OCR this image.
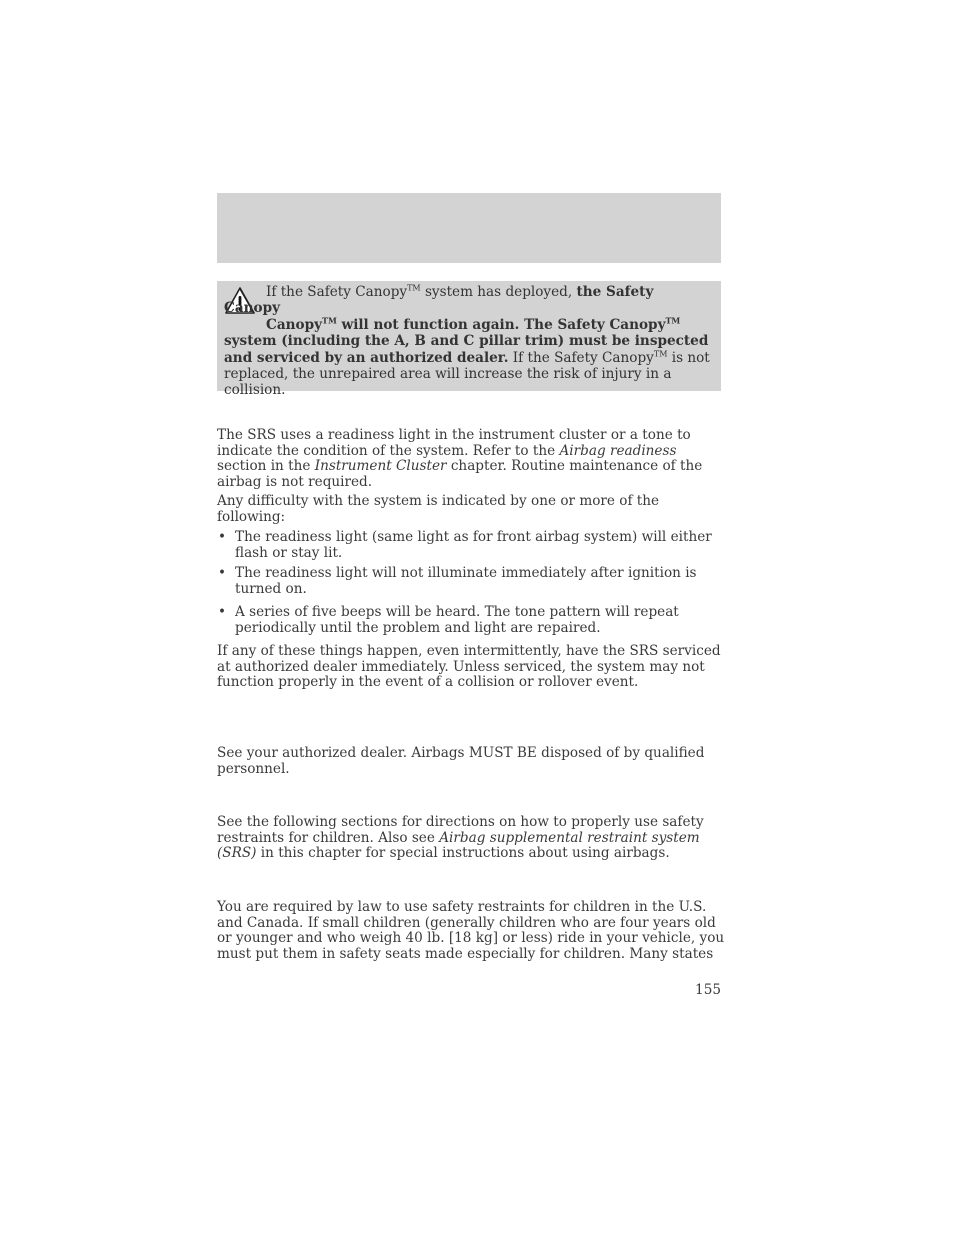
If the Safety Canopy™ system has deployed, the Safety Canopy
Canopy™ will not function again. The Safety Canopy™ system (including the A, B and C pillar trim) must be inspected and serviced by an authorized dealer. If the Safety Canopy™ is not replaced, the unrepaired area will increase the risk of injury in a collision.
The SRS uses a readiness light in the instrument cluster or a tone to indicate the condition of the system. Refer to the Airbag readiness section in the Instrument Cluster chapter. Routine maintenance of the airbag is not required.
Any difficulty with the system is indicated by one or more of the following:
• The readiness light (same light as for front airbag system) will either flash or stay lit.
• The readiness light will not illuminate immediately after ignition is turned on.
• A series of five beeps will be heard. The tone pattern will repeat periodically until the problem and light are repaired.
If any of these things happen, even intermittently, have the SRS serviced at authorized dealer immediately. Unless serviced, the system may not function properly in the event of a collision or rollover event.
See your authorized dealer. Airbags MUST BE disposed of by qualified personnel.
See the following sections for directions on how to properly use safety restraints for children. Also see Airbag supplemental restraint system (SRS) in this chapter for special instructions about using airbags.
You are required by law to use safety restraints for children in the U.S. and Canada. If small children (generally children who are four years old or younger and who weigh 40 lb. [18 kg] or less) ride in your vehicle, you must put them in safety seats made especially for children. Many states
155
